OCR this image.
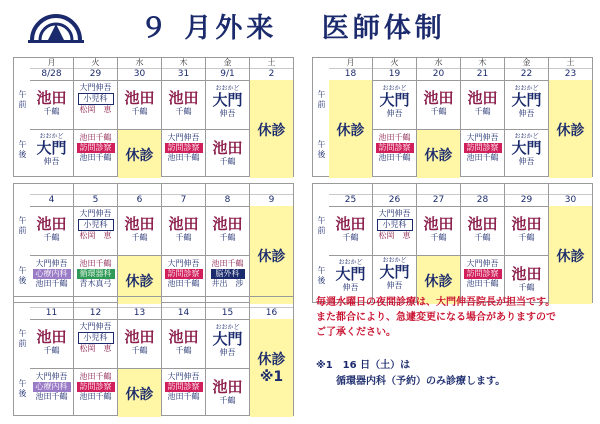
９ 月外来　 医師体制
午
前
午
後
月
8/28
池田
千鶴
おおかど
大門
伸吾
火
29
大門伸吾
小児科
松岡　恵
池田千鶴
訪問診察
池田千鶴
水
30
池田
千鶴
休診
木
31
池田
千鶴
大門伸吾
訪問診察
池田千鶴
金
9/1
おおかど
大門
伸吾
池田
千鶴
土
2
休診
午
前
午
後
月
18
休診
火
19
おおかど
大門
伸吾
池田千鶴
訪問診察
池田千鶴
水
20
池田
千鶴
休診
木
21
池田
千鶴
大門伸吾
訪問診察
池田千鶴
金
22
おおかど
大門
伸吾
おおかど
大門
伸吾
土
23
休診
午
前
午
後
4
池田
千鶴
大門伸吾
心療内科
池田千鶴
5
大門伸吾
小児科
松岡　恵
池田千鶴
循環器科
青木真弓
6
池田
千鶴
休診
7
池田
千鶴
大門伸吾
訪問診察
池田千鶴
8
池田
千鶴
池田千鶴
脳外科
井出　渉
9
休診
午
前
午
後
25
池田
千鶴
おおかど
大門
伸吾
26
大門伸吾
小児科
松岡　恵
おおかど
大門
伸吾
27
池田
千鶴
休診
28
池田
千鶴
大門伸吾
訪問診察
池田千鶴
29
池田
千鶴
池田
千鶴
30
休診
午
前
午
後
11
池田
千鶴
大門伸吾
心療内科
池田千鶴
12
大門伸吾
小児科
松岡　恵
池田千鶴
訪問診察
池田千鶴
13
池田
千鶴
休診
14
池田
千鶴
大門伸吾
訪問診察
池田千鶴
15
おおかど
大門
伸吾
池田
千鶴
16
休診
※1
毎週水曜日の夜間診療は、大門伸吾院長が担当です。
また都合により、急遽変更になる場合がありますので
ご了承ください。
※1　16 日（土）は
　　循環器内科（予約）のみ診療します。
